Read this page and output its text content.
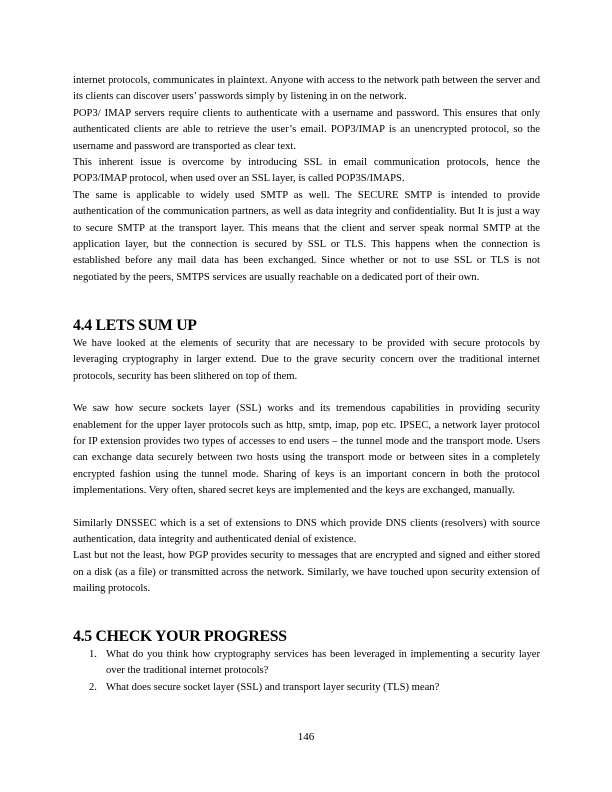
internet protocols, communicates in plaintext. Anyone with access to the network path between the server and its clients can discover users’ passwords simply by listening in on the network.

POP3/ IMAP servers require clients to authenticate with a username and password. This ensures that only authenticated clients are able to retrieve the user’s email. POP3/IMAP is an unencrypted protocol, so the username and password are transported as clear text.

This inherent issue is overcome by introducing SSL in email communication protocols, hence the POP3/IMAP protocol, when used over an SSL layer, is called POP3S/IMAPS.

The same is applicable to widely used SMTP as well. The SECURE SMTP is intended to provide authentication of the communication partners, as well as data integrity and confidentiality. But It is just a way to secure SMTP at the transport layer. This means that the client and server speak normal SMTP at the application layer, but the connection is secured by SSL or TLS. This happens when the connection is established before any mail data has been exchanged. Since whether or not to use SSL or TLS is not negotiated by the peers, SMTPS services are usually reachable on a dedicated port of their own.

4.4 LETS SUM UP

We have looked at the elements of security that are necessary to be provided with secure protocols by leveraging cryptography in larger extend. Due to the grave security concern over the traditional internet protocols, security has been slithered on top of them.

We saw how secure sockets layer (SSL) works and its tremendous capabilities in providing security enablement for the upper layer protocols such as http, smtp, imap, pop etc. IPSEC, a network layer protocol for IP extension provides two types of accesses to end users – the tunnel mode and the transport mode. Users can exchange data securely between two hosts using the transport mode or between sites in a completely encrypted fashion using the tunnel mode. Sharing of keys is an important concern in both the protocol implementations. Very often, shared secret keys are implemented and the keys are exchanged, manually.

Similarly DNSSEC which is a set of extensions to DNS which provide DNS clients (resolvers) with source authentication, data integrity and authenticated denial of existence.

Last but not the least, how PGP provides security to messages that are encrypted and signed and either stored on a disk (as a file) or transmitted across the network. Similarly, we have touched upon security extension of mailing protocols.

4.5 CHECK YOUR PROGRESS
1. What do you think how cryptography services has been leveraged in implementing a security layer over the traditional internet protocols?
2. What does secure socket layer (SSL) and transport layer security (TLS) mean?
146
